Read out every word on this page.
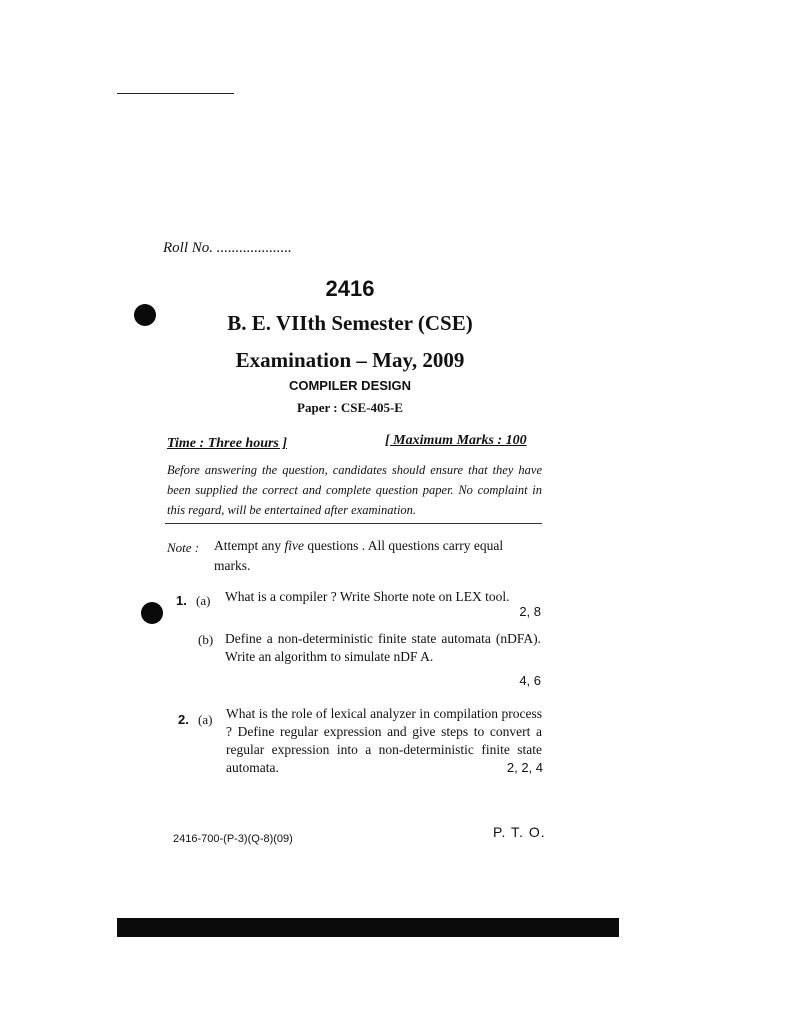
Roll No. ....................
2416
B. E. VIIth Semester (CSE)
Examination – May, 2009
COMPILER DESIGN
Paper : CSE-405-E
Time : Three hours ]	[ Maximum Marks : 100
Before answering the question, candidates should ensure that they have been supplied the correct and complete question paper. No complaint in this regard, will be entertained after examination.
Note : Attempt any five questions . All questions carry equal marks.
1. (a) What is a compiler ? Write Shorte note on LEX tool.
2, 8
(b) Define a non-deterministic finite state automata (nDFA). Write an algorithm to simulate nDF A.
4, 6
2. (a) What is the role of lexical analyzer in compilation process ? Define regular expression and give steps to convert a regular expression into a non-deterministic finite state automata.	2, 2, 4
2416-700-(P-3)(Q-8)(09)	P. T. O.
